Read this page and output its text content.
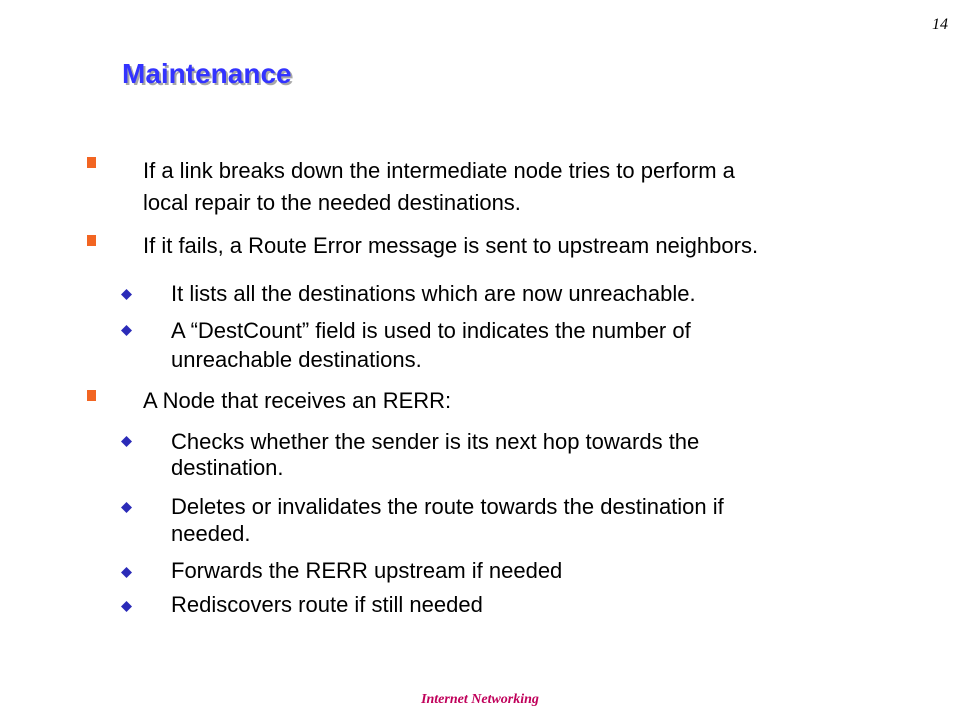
14
Maintenance
If a link breaks down the intermediate node tries to perform a
local repair to the needed destinations.
If it fails, a Route Error message is sent to upstream neighbors.
It lists all the destinations which are now unreachable.
A “DestCount” field is used to indicates the number of
unreachable destinations.
A Node that receives an RERR:
Checks whether the sender is its next hop towards the
destination.
Deletes or invalidates the route towards the destination if
needed.
Forwards the RERR upstream if needed
Rediscovers route if still needed
Internet Networking
